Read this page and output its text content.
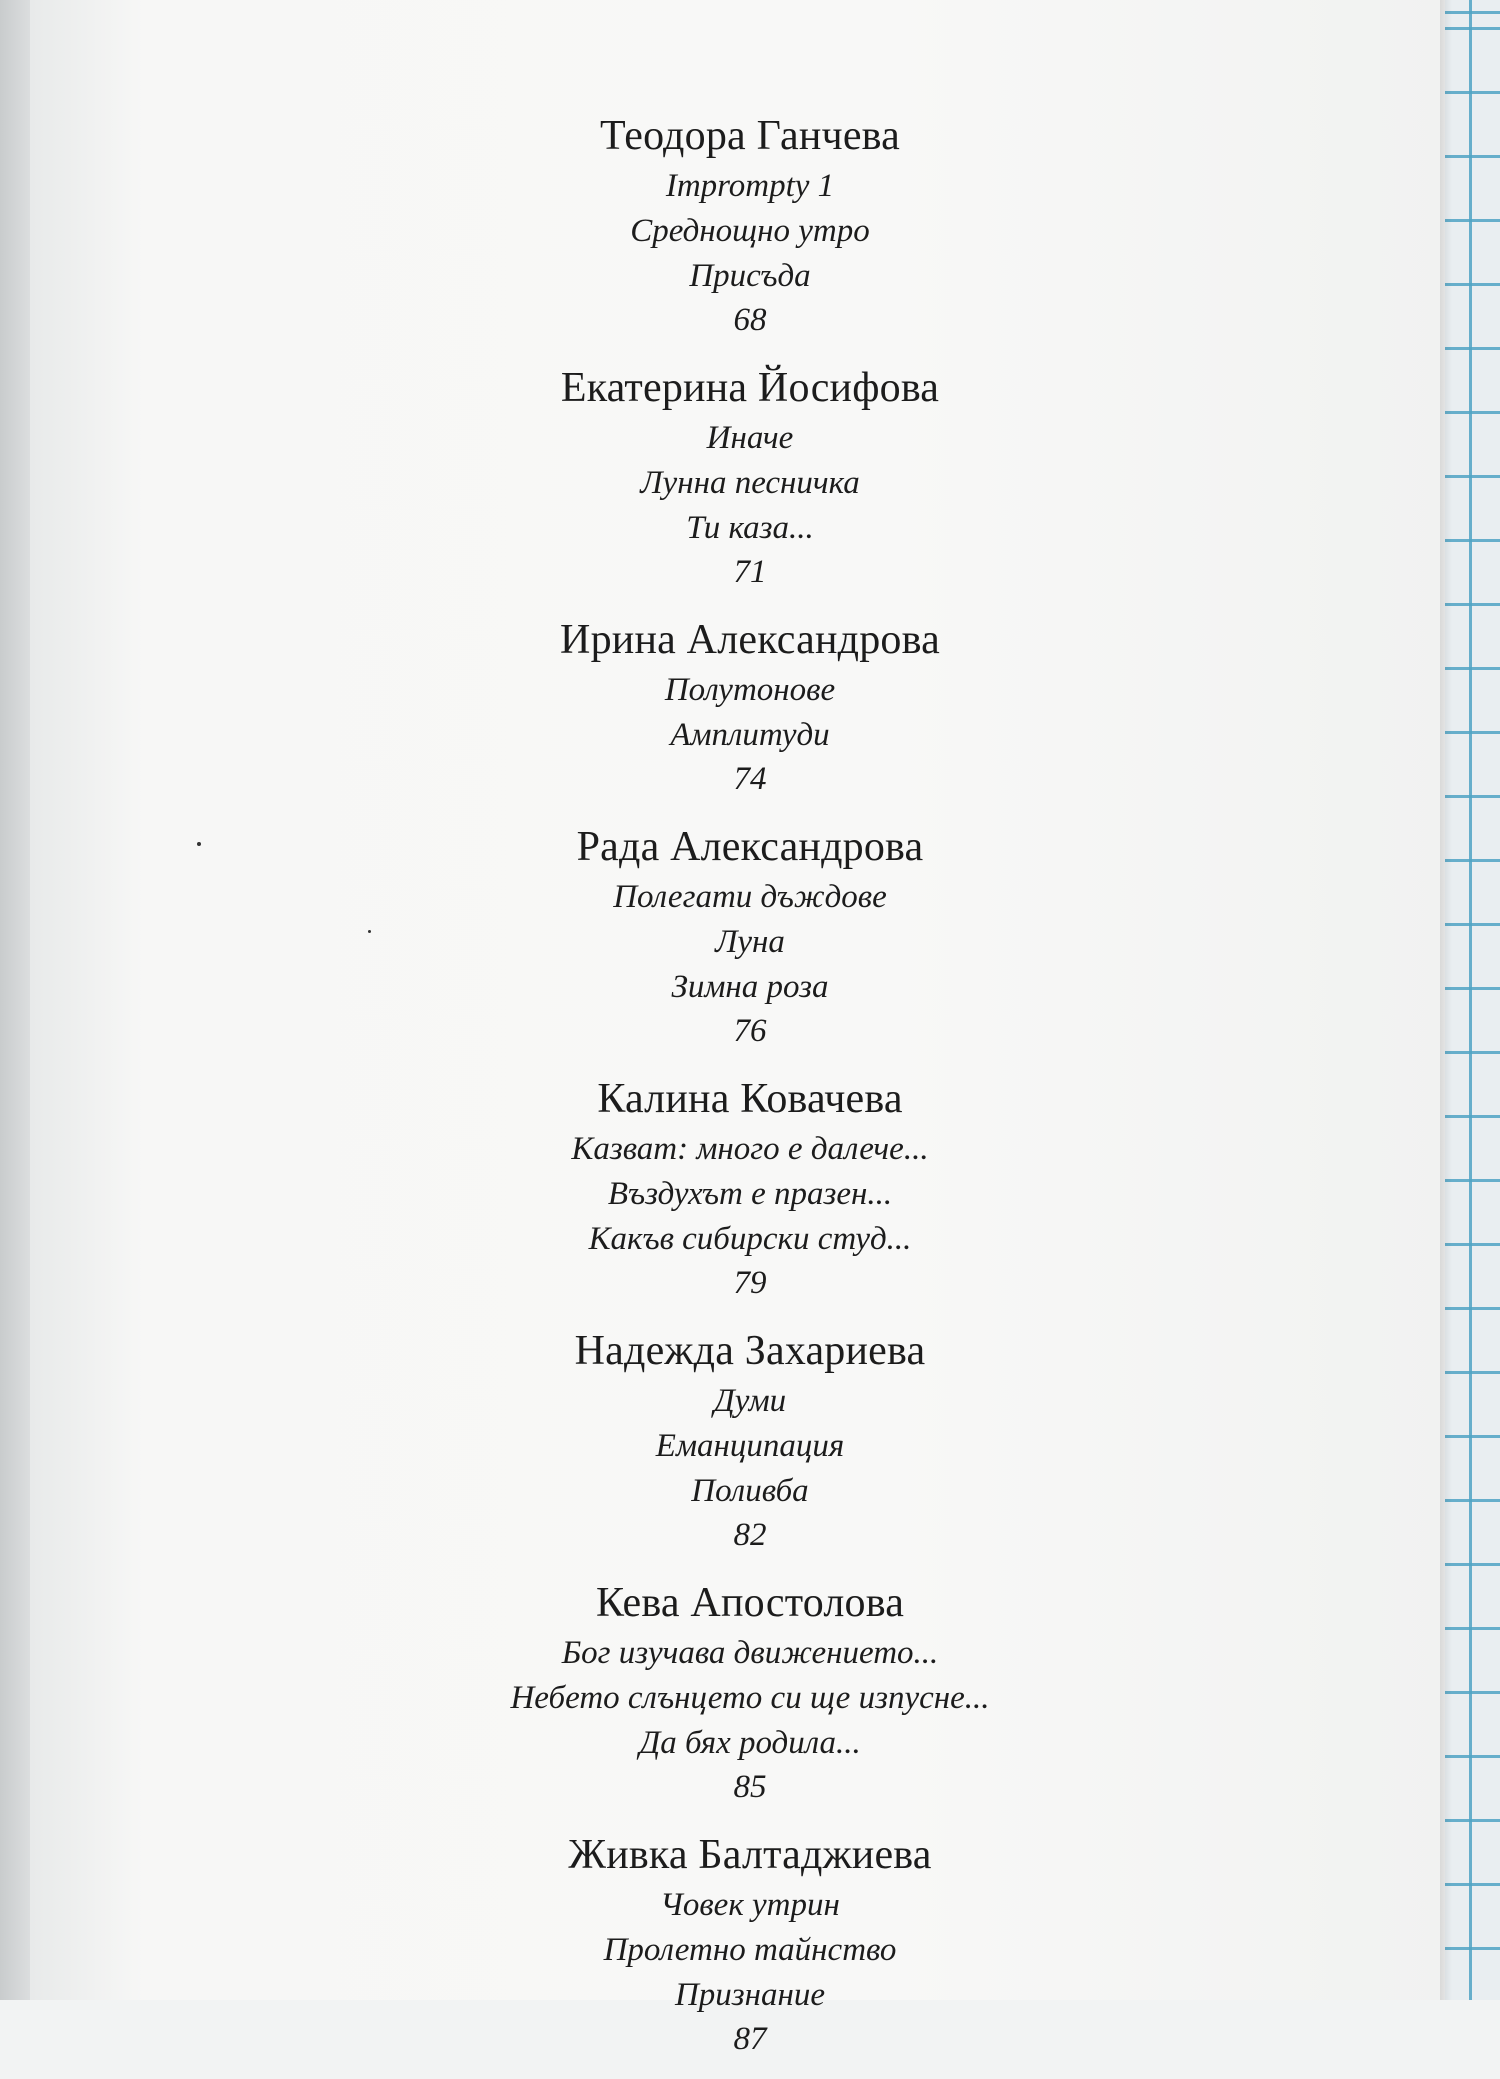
Теодора Ганчева
Imprompty 1
Среднощно утро
Присъда
68
Екатерина Йосифова
Иначе
Лунна песничка
Ти каза...
71
Ирина Александрова
Полутонове
Амплитуди
74
Рада Александрова
Полегати дъждове
Луна
Зимна роза
76
Калина Ковачева
Казват: много е далече...
Въздухът е празен...
Какъв сибирски студ...
79
Надежда Захариева
Думи
Еманципация
Поливба
82
Кева Апостолова
Бог изучава движението...
Небето слънцето си ще изпусне...
Да бях родила...
85
Живка Балтаджиева
Човек утрин
Пролетно тайнство
Признание
87
